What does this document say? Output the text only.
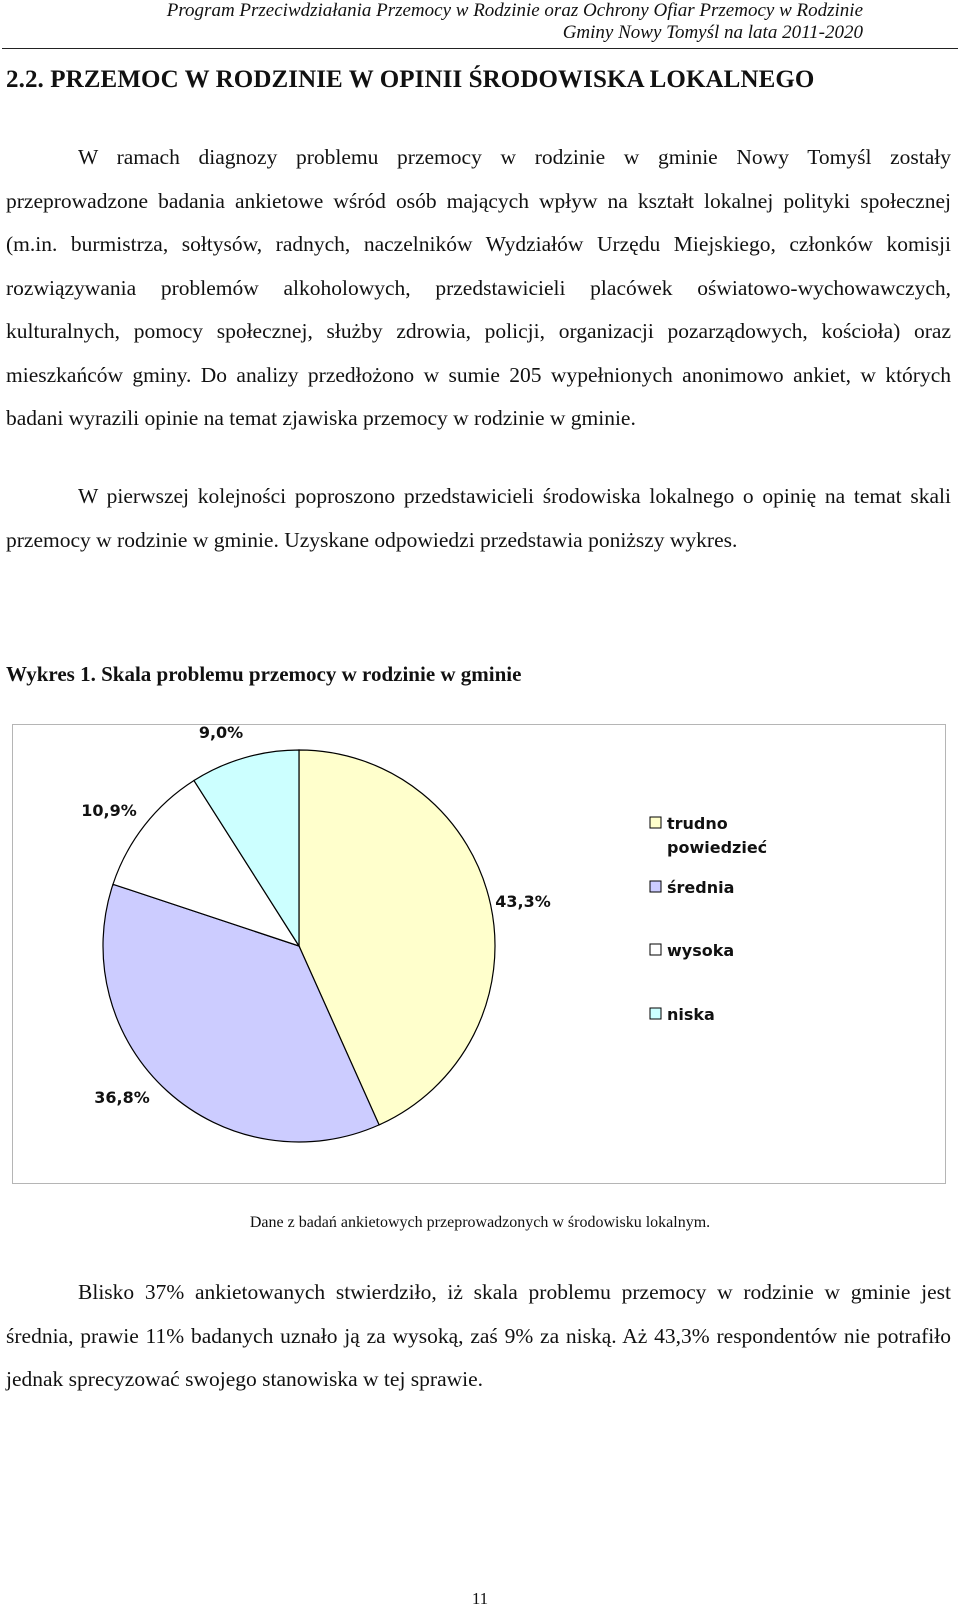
Program Przeciwdziałania Przemocy w Rodzinie oraz Ochrony Ofiar Przemocy w Rodzinie
Gminy Nowy Tomyśl na lata 2011-2020
2.2. PRZEMOC W RODZINIE W OPINII ŚRODOWISKA LOKALNEGO

W ramach diagnozy problemu przemocy w rodzinie w gminie Nowy Tomyśl zostały przeprowadzone badania ankietowe wśród osób mających wpływ na kształt lokalnej polityki społecznej (m.in. burmistrza, sołtysów, radnych, naczelników Wydziałów Urzędu Miejskiego, członków komisji rozwiązywania problemów alkoholowych, przedstawicieli placówek oświatowo-wychowawczych, kulturalnych, pomocy społecznej, służby zdrowia, policji, organizacji pozarządowych, kościoła) oraz mieszkańców gminy. Do analizy przedłożono w sumie 205 wypełnionych anonimowo ankiet, w których badani wyrazili opinie na temat zjawiska przemocy w rodzinie w gminie.

W pierwszej kolejności poproszono przedstawicieli środowiska lokalnego o opinię na temat skali przemocy w rodzinie w gminie. Uzyskane odpowiedzi przedstawia poniższy wykres.

Wykres 1. Skala problemu przemocy w rodzinie w gminie
43,3%
36,8%
10,9%
9,0%
trudno
powiedzieć
średnia
wysoka
niska
Dane z badań ankietowych przeprowadzonych w środowisku lokalnym.

Blisko 37% ankietowanych stwierdziło, iż skala problemu przemocy w rodzinie w gminie jest średnia, prawie 11% badanych uznało ją za wysoką, zaś 9% za niską. Aż 43,3% respondentów nie potrafiło jednak sprecyzować swojego stanowiska w tej sprawie.

11
